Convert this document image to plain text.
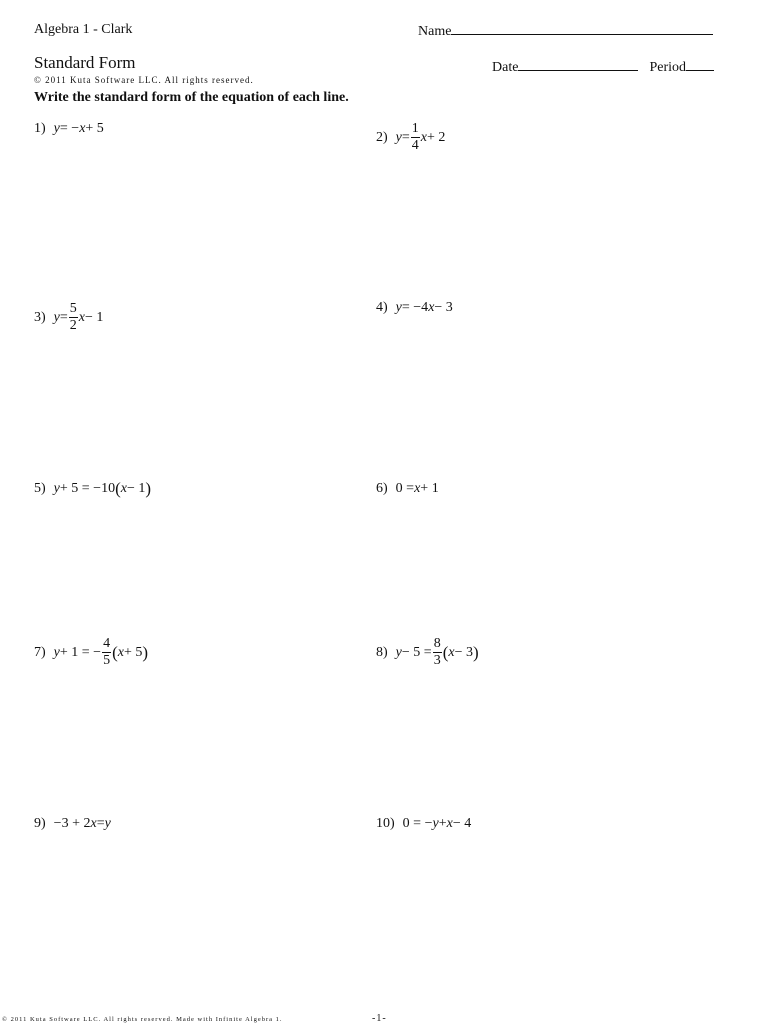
Algebra 1 - Clark	Name
Standard Form	Date	Period
© 2011 Kuta Software LLC. All rights reserved.
Write the standard form of the equation of each line.
1) y = − x + 5
2) $y = \frac{1}{4}$ x + 2
3) $y = \frac{5}{2}$ x − 1
4) y = −4 x − 3
5) y + 5 = −10 ( x − 1 )	6) 0 = x + 1
7) y + 1 = − $\frac{4}{5}$ ( x + 5 )	8) $y - 5 = \frac{8}{3}$ ( x − 3 )
9) −3 + 2 x = y	10) 0 = − y + x − 4
© 2011 Kuta Software LLC. All rights reserved. Made with Infinite Algebra 1.	-1-
